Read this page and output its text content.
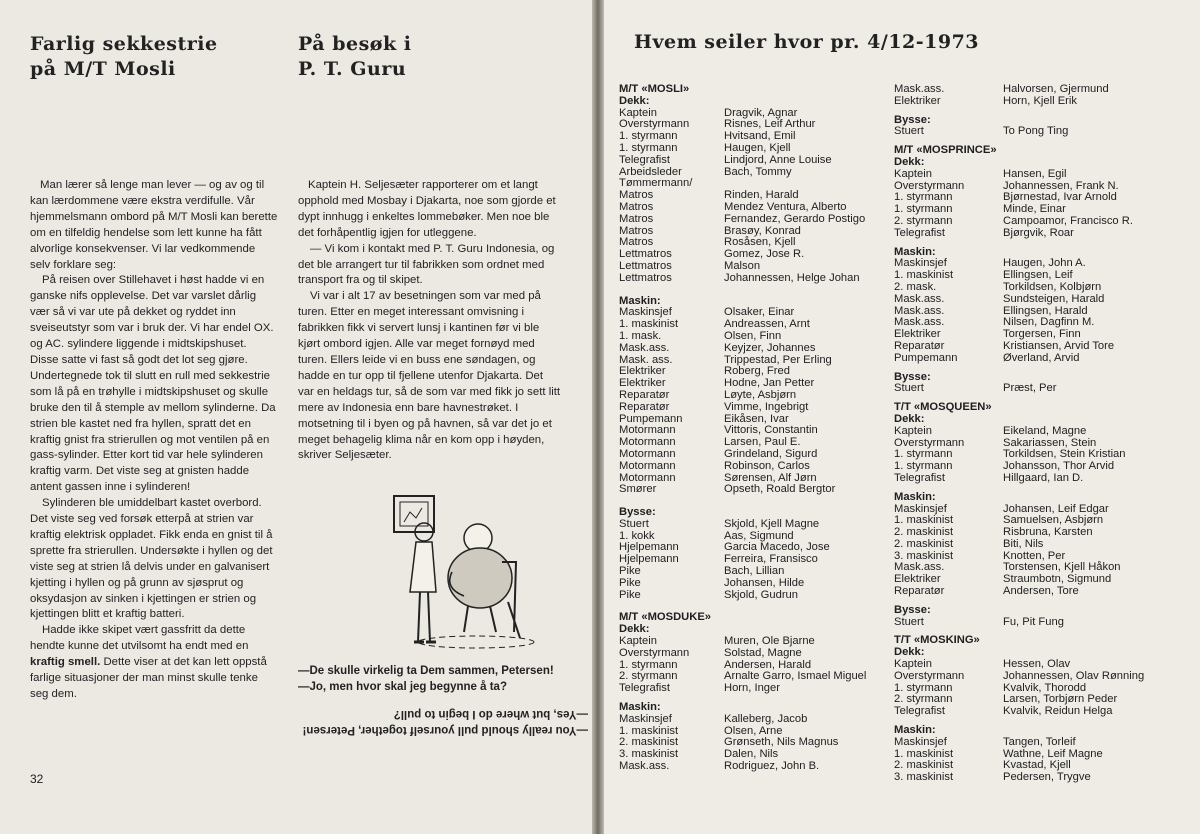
Farlig sekkestrie
på M/T Mosli
På besøk i
P. T. Guru

Man lærer så lenge man lever — og av og til kan lærdommene være ekstra verdifulle. Vår hjemmelsmann ombord på M/T Mosli kan berette om en tilfeldig hendelse som lett kunne ha fått alvorlige konsekvenser. Vi lar vedkommende selv forklare seg:

På reisen over Stillehavet i høst hadde vi en ganske nifs opplevelse. Det var varslet dårlig vær så vi var ute på dekket og ryddet inn sveiseutstyr som var i bruk der. Vi har endel OX. og AC. sylindere liggende i midtskipshuset. Disse satte vi fast så godt det lot seg gjøre. Undertegnede tok til slutt en rull med sekkestrie som lå på en trøhylle i midtskipshuset og skulle bruke den til å stemple av mellom sylinderne. Da strien ble kastet ned fra hyllen, spratt det en kraftig gnist fra strierullen og mot ventilen på en gass-sylinder. Etter kort tid var hele sylinderen kraftig varm. Det viste seg at gnisten hadde antent gassen inne i sylinderen!

Sylinderen ble umiddelbart kastet overbord. Det viste seg ved forsøk etterpå at strien var kraftig elektrisk oppladet. Fikk enda en gnist til å sprette fra strierullen. Undersøkte i hyllen og det viste seg at strien lå delvis under en galvanisert kjetting i hyllen og på grunn av sjøsprut og oksydasjon av sinken i kjettingen er strien og kjettingen blitt et kraftig batteri.

Hadde ikke skipet vært gassfritt da dette hendte kunne det utvilsomt ha endt med en kraftig smell. Dette viser at det kan lett oppstå farlige situasjoner der man minst skulle tenke seg dem.

Kaptein H. Seljesæter rapporterer om et langt opphold med Mosbay i Djakarta, noe som gjorde et dypt innhugg i enkeltes lommebøker. Men noe ble det forhåpentlig igjen for utleggene.

— Vi kom i kontakt med P. T. Guru Indonesia, og det ble arrangert tur til fabrikken som ordnet med transport fra og til skipet.

Vi var i alt 17 av besetningen som var med på turen. Etter en meget interessant omvisning i fabrikken fikk vi servert lunsj i kantinen før vi ble kjørt ombord igjen. Alle var meget fornøyd med turen. Ellers leide vi en buss ene søndagen, og hadde en tur opp til fjellene utenfor Djakarta. Det var en heldags tur, så de som var med fikk jo sett litt mere av Indonesia enn bare havnestrøket. I motsetning til i byen og på havnen, så var det jo et meget behagelig klima når en kom opp i høyden, skriver Seljesæter.

—De skulle virkelig ta Dem sammen, Petersen!
—Jo, men hvor skal jeg begynne å ta?
—You really should pull yourself together, Petersen!
—Yes, but where do I begin to pull?
32
Hvem seiler hvor pr. 4/12-1973
M/T «MOSLI»
Dekk:
Kaptein	Dragvik, Agnar
Overstyrmann	Risnes, Leif Arthur
1. styrmann	Hvitsand, Emil
1. styrmann	Haugen, Kjell
Telegrafist	Lindjord, Anne Louise
Arbeidsleder	Bach, Tommy
Tømmermann/
Matros	Rinden, Harald
Matros	Mendez Ventura, Alberto
Matros	Fernandez, Gerardo Postigo
Matros	Brasøy, Konrad
Matros	Rosåsen, Kjell
Lettmatros	Gomez, Jose R.
Lettmatros	Malson
Lettmatros	Johannessen, Helge Johan
Maskin:
Maskinsjef	Olsaker, Einar
1. maskinist	Andreassen, Arnt
1. mask.	Olsen, Finn
Mask.ass.	Keyjzer, Johannes
Mask. ass.	Trippestad, Per Erling
Elektriker	Roberg, Fred
Elektriker	Hodne, Jan Petter
Reparatør	Løyte, Asbjørn
Reparatør	Vimme, Ingebrigt
Pumpemann	Eikåsen, Ivar
Motormann	Vittoris, Constantin
Motormann	Larsen, Paul E.
Motormann	Grindeland, Sigurd
Motormann	Robinson, Carlos
Motormann	Sørensen, Alf Jørn
Smører	Opseth, Roald Bergtor
Bysse:
Stuert	Skjold, Kjell Magne
1. kokk	Aas, Sigmund
Hjelpemann	Garcia Macedo, Jose
Hjelpemann	Ferreira, Fransisco
Pike	Bach, Lillian
Pike	Johansen, Hilde
Pike	Skjold, Gudrun
M/T «MOSDUKE»
Dekk:
Kaptein	Muren, Ole Bjarne
Overstyrmann	Solstad, Magne
1. styrmann	Andersen, Harald
2. styrmann	Arnalte Garro, Ismael Miguel
Telegrafist	Horn, Inger
Maskin:
Maskinsjef	Kalleberg, Jacob
1. maskinist	Olsen, Arne
2. maskinist	Grønseth, Nils Magnus
3. maskinist	Dalen, Nils
Mask.ass.	Rodriguez, John B.
Mask.ass.	Halvorsen, Gjermund
Elektriker	Horn, Kjell Erik
Bysse:
Stuert	To Pong Ting
M/T «MOSPRINCE»
Dekk:
Kaptein	Hansen, Egil
Overstyrmann	Johannessen, Frank N.
1. styrmann	Bjørnestad, Ivar Arnold
1. styrmann	Minde, Einar
2. styrmann	Campoamor, Francisco R.
Telegrafist	Bjørgvik, Roar
Maskin:
Maskinsjef	Haugen, John A.
1. maskinist	Ellingsen, Leif
2. mask.	Torkildsen, Kolbjørn
Mask.ass.	Sundsteigen, Harald
Mask.ass.	Ellingsen, Harald
Mask.ass.	Nilsen, Dagfinn M.
Elektriker	Torgersen, Finn
Reparatør	Kristiansen, Arvid Tore
Pumpemann	Øverland, Arvid
Bysse:
Stuert	Præst, Per
T/T «MOSQUEEN»
Dekk:
Kaptein	Eikeland, Magne
Overstyrmann	Sakariassen, Stein
1. styrmann	Torkildsen, Stein Kristian
1. styrmann	Johansson, Thor Arvid
Telegrafist	Hillgaard, Ian D.
Maskin:
Maskinsjef	Johansen, Leif Edgar
1. maskinist	Samuelsen, Asbjørn
2. maskinist	Risbruna, Karsten
2. maskinist	Biti, Nils
3. maskinist	Knotten, Per
Mask.ass.	Torstensen, Kjell Håkon
Elektriker	Straumbotn, Sigmund
Reparatør	Andersen, Tore
Bysse:
Stuert	Fu, Pit Fung
T/T «MOSKING»
Dekk:
Kaptein	Hessen, Olav
Overstyrmann	Johannessen, Olav Rønning
1. styrmann	Kvalvik, Thorodd
2. styrmann	Larsen, Torbjørn Peder
Telegrafist	Kvalvik, Reidun Helga
Maskin:
Maskinsjef	Tangen, Torleif
1. maskinist	Wathne, Leif Magne
2. maskinist	Kvastad, Kjell
3. maskinist	Pedersen, Trygve
